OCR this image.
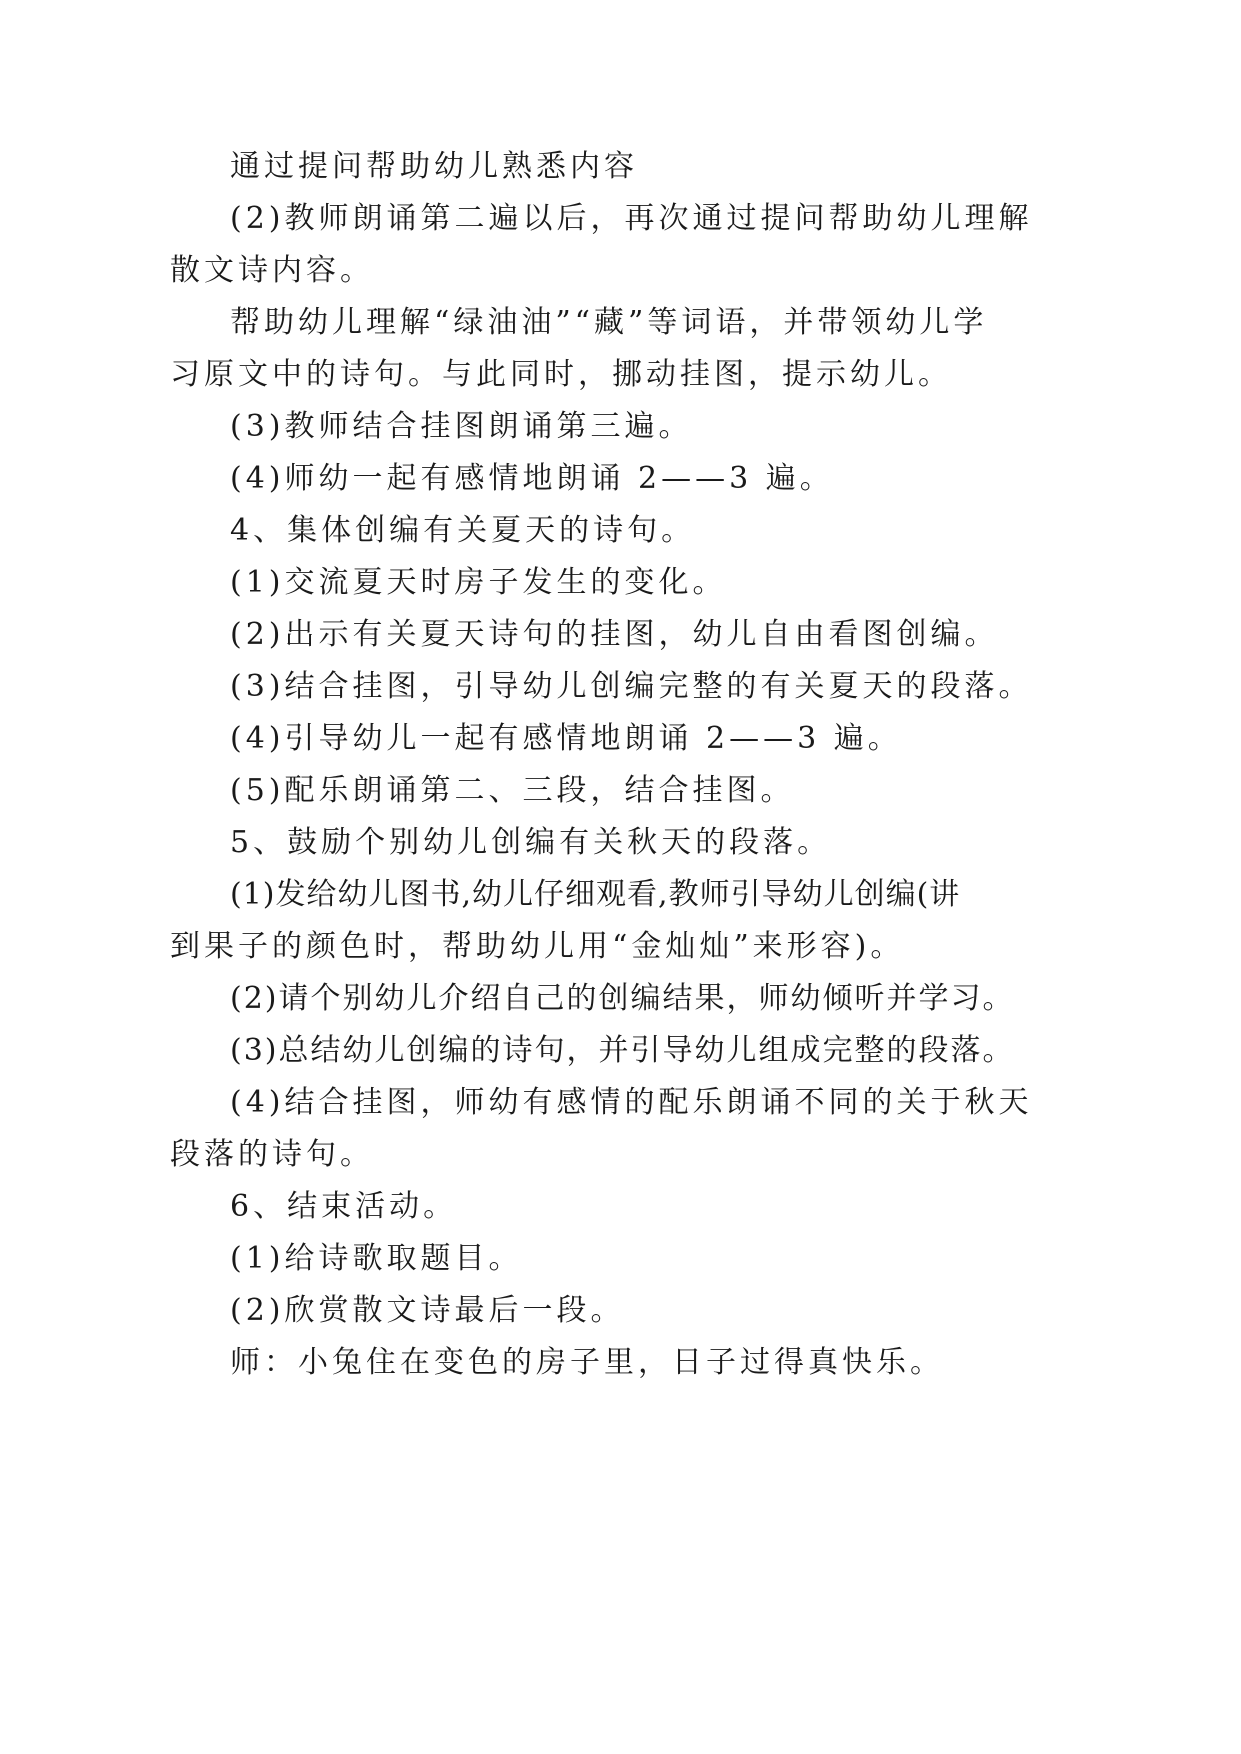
通过提问帮助幼儿熟悉内容

(2)教师朗诵第二遍以后，再次通过提问帮助幼儿理解

散文诗内容。

帮助幼儿理解“绿油油”“藏”等词语，并带领幼儿学

习原文中的诗句。与此同时，挪动挂图，提示幼儿。

(3)教师结合挂图朗诵第三遍。

(4)师幼一起有感情地朗诵 2——3 遍。

4、集体创编有关夏天的诗句。

(1)交流夏天时房子发生的变化。

(2)出示有关夏天诗句的挂图，幼儿自由看图创编。

(3)结合挂图，引导幼儿创编完整的有关夏天的段落。

(4)引导幼儿一起有感情地朗诵 2——3 遍。

(5)配乐朗诵第二、三段，结合挂图。

5、鼓励个别幼儿创编有关秋天的段落。

(1)发给幼儿图书,幼儿仔细观看,教师引导幼儿创编(讲

到果子的颜色时，帮助幼儿用“金灿灿”来形容)。

(2)请个别幼儿介绍自己的创编结果，师幼倾听并学习。

(3)总结幼儿创编的诗句，并引导幼儿组成完整的段落。

(4)结合挂图，师幼有感情的配乐朗诵不同的关于秋天

段落的诗句。

6、结束活动。

(1)给诗歌取题目。

(2)欣赏散文诗最后一段。

师：小兔住在变色的房子里，日子过得真快乐。
